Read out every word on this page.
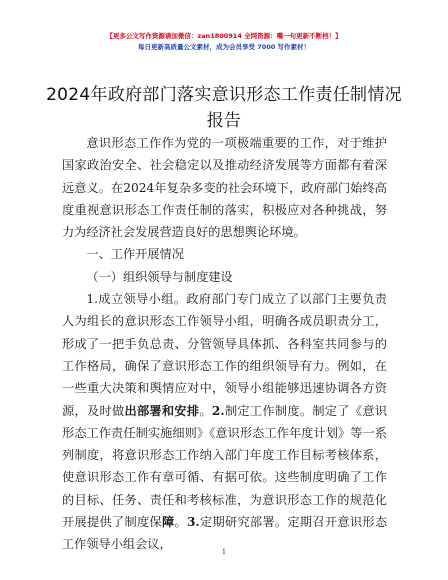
【更多公文写作资源请加微信：zan1800914 全网资源：嘴一句更新不断档！】
每日更新高质量公文素材，成为会员享受 7000 写作素材！
2024年政府部门落实意识形态工作责任制情况报告

意识形态工作作为党的一项极端重要的工作，对于维护国家政治安全、社会稳定以及推动经济发展等方面都有着深远意义。在2024年复杂多变的社会环境下，政府部门始终高度重视意识形态工作责任制的落实，积极应对各种挑战，努力为经济社会发展营造良好的思想舆论环境。

一、工作开展情况

（一）组织领导与制度建设

1.成立领导小组。政府部门专门成立了以部门主要负责人为组长的意识形态工作领导小组，明确各成员职责分工，形成了一把手负总责、分管领导具体抓、各科室共同参与的工作格局，确保了意识形态工作的组织领导有力。例如，在一些重大决策和舆情应对中，领导小组能够迅速协调各方资源，及时做出部署和安排。2.制定工作制度。制定了《意识形态工作责任制实施细则》《意识形态工作年度计划》等一系列制度，将意识形态工作纳入部门年度工作目标考核体系，使意识形态工作有章可循、有据可依。这些制度明确了工作的目标、任务、责任和考核标准，为意识形态工作的规范化开展提供了制度保障。3.定期研究部署。定期召开意识形态工作领导小组会议，

1
